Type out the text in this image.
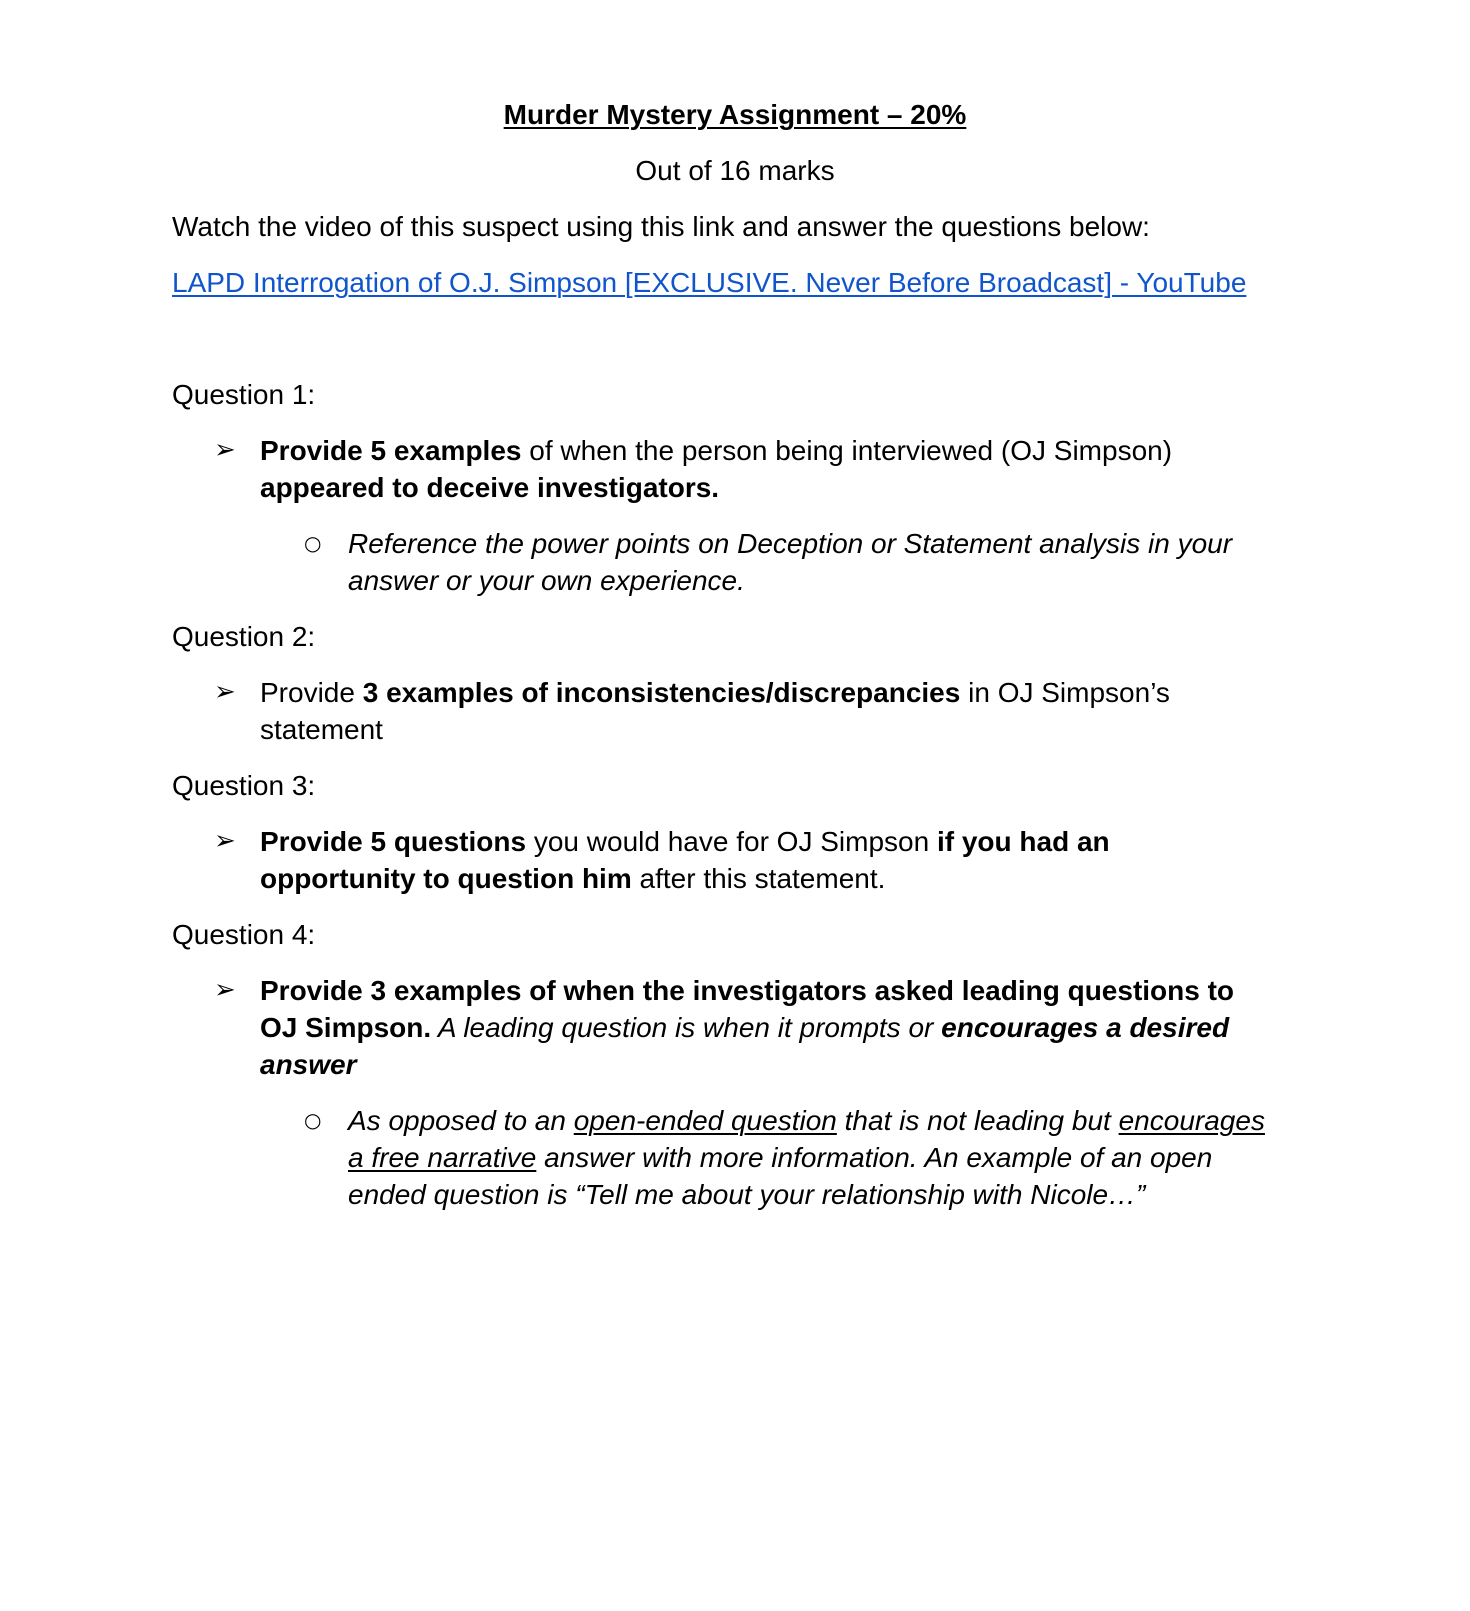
Murder Mystery Assignment – 20%
Out of 16 marks
Watch the video of this suspect using this link and answer the questions below:
LAPD Interrogation of O.J. Simpson [EXCLUSIVE. Never Before Broadcast] - YouTube
Question 1:
➢ Provide 5 examples of when the person being interviewed (OJ Simpson)
appeared to deceive investigators.
○ Reference the power points on Deception or Statement analysis in your
answer or your own experience.
Question 2:
➢ Provide 3 examples of inconsistencies/discrepancies in OJ Simpson’s
statement
Question 3:
➢ Provide 5 questions you would have for OJ Simpson if you had an
opportunity to question him after this statement.
Question 4:
➢ Provide 3 examples of when the investigators asked leading questions to
OJ Simpson. A leading question is when it prompts or encourages a desired
answer
○ As opposed to an open-ended question that is not leading but encourages
a free narrative answer with more information. An example of an open
ended question is “Tell me about your relationship with Nicole…”
